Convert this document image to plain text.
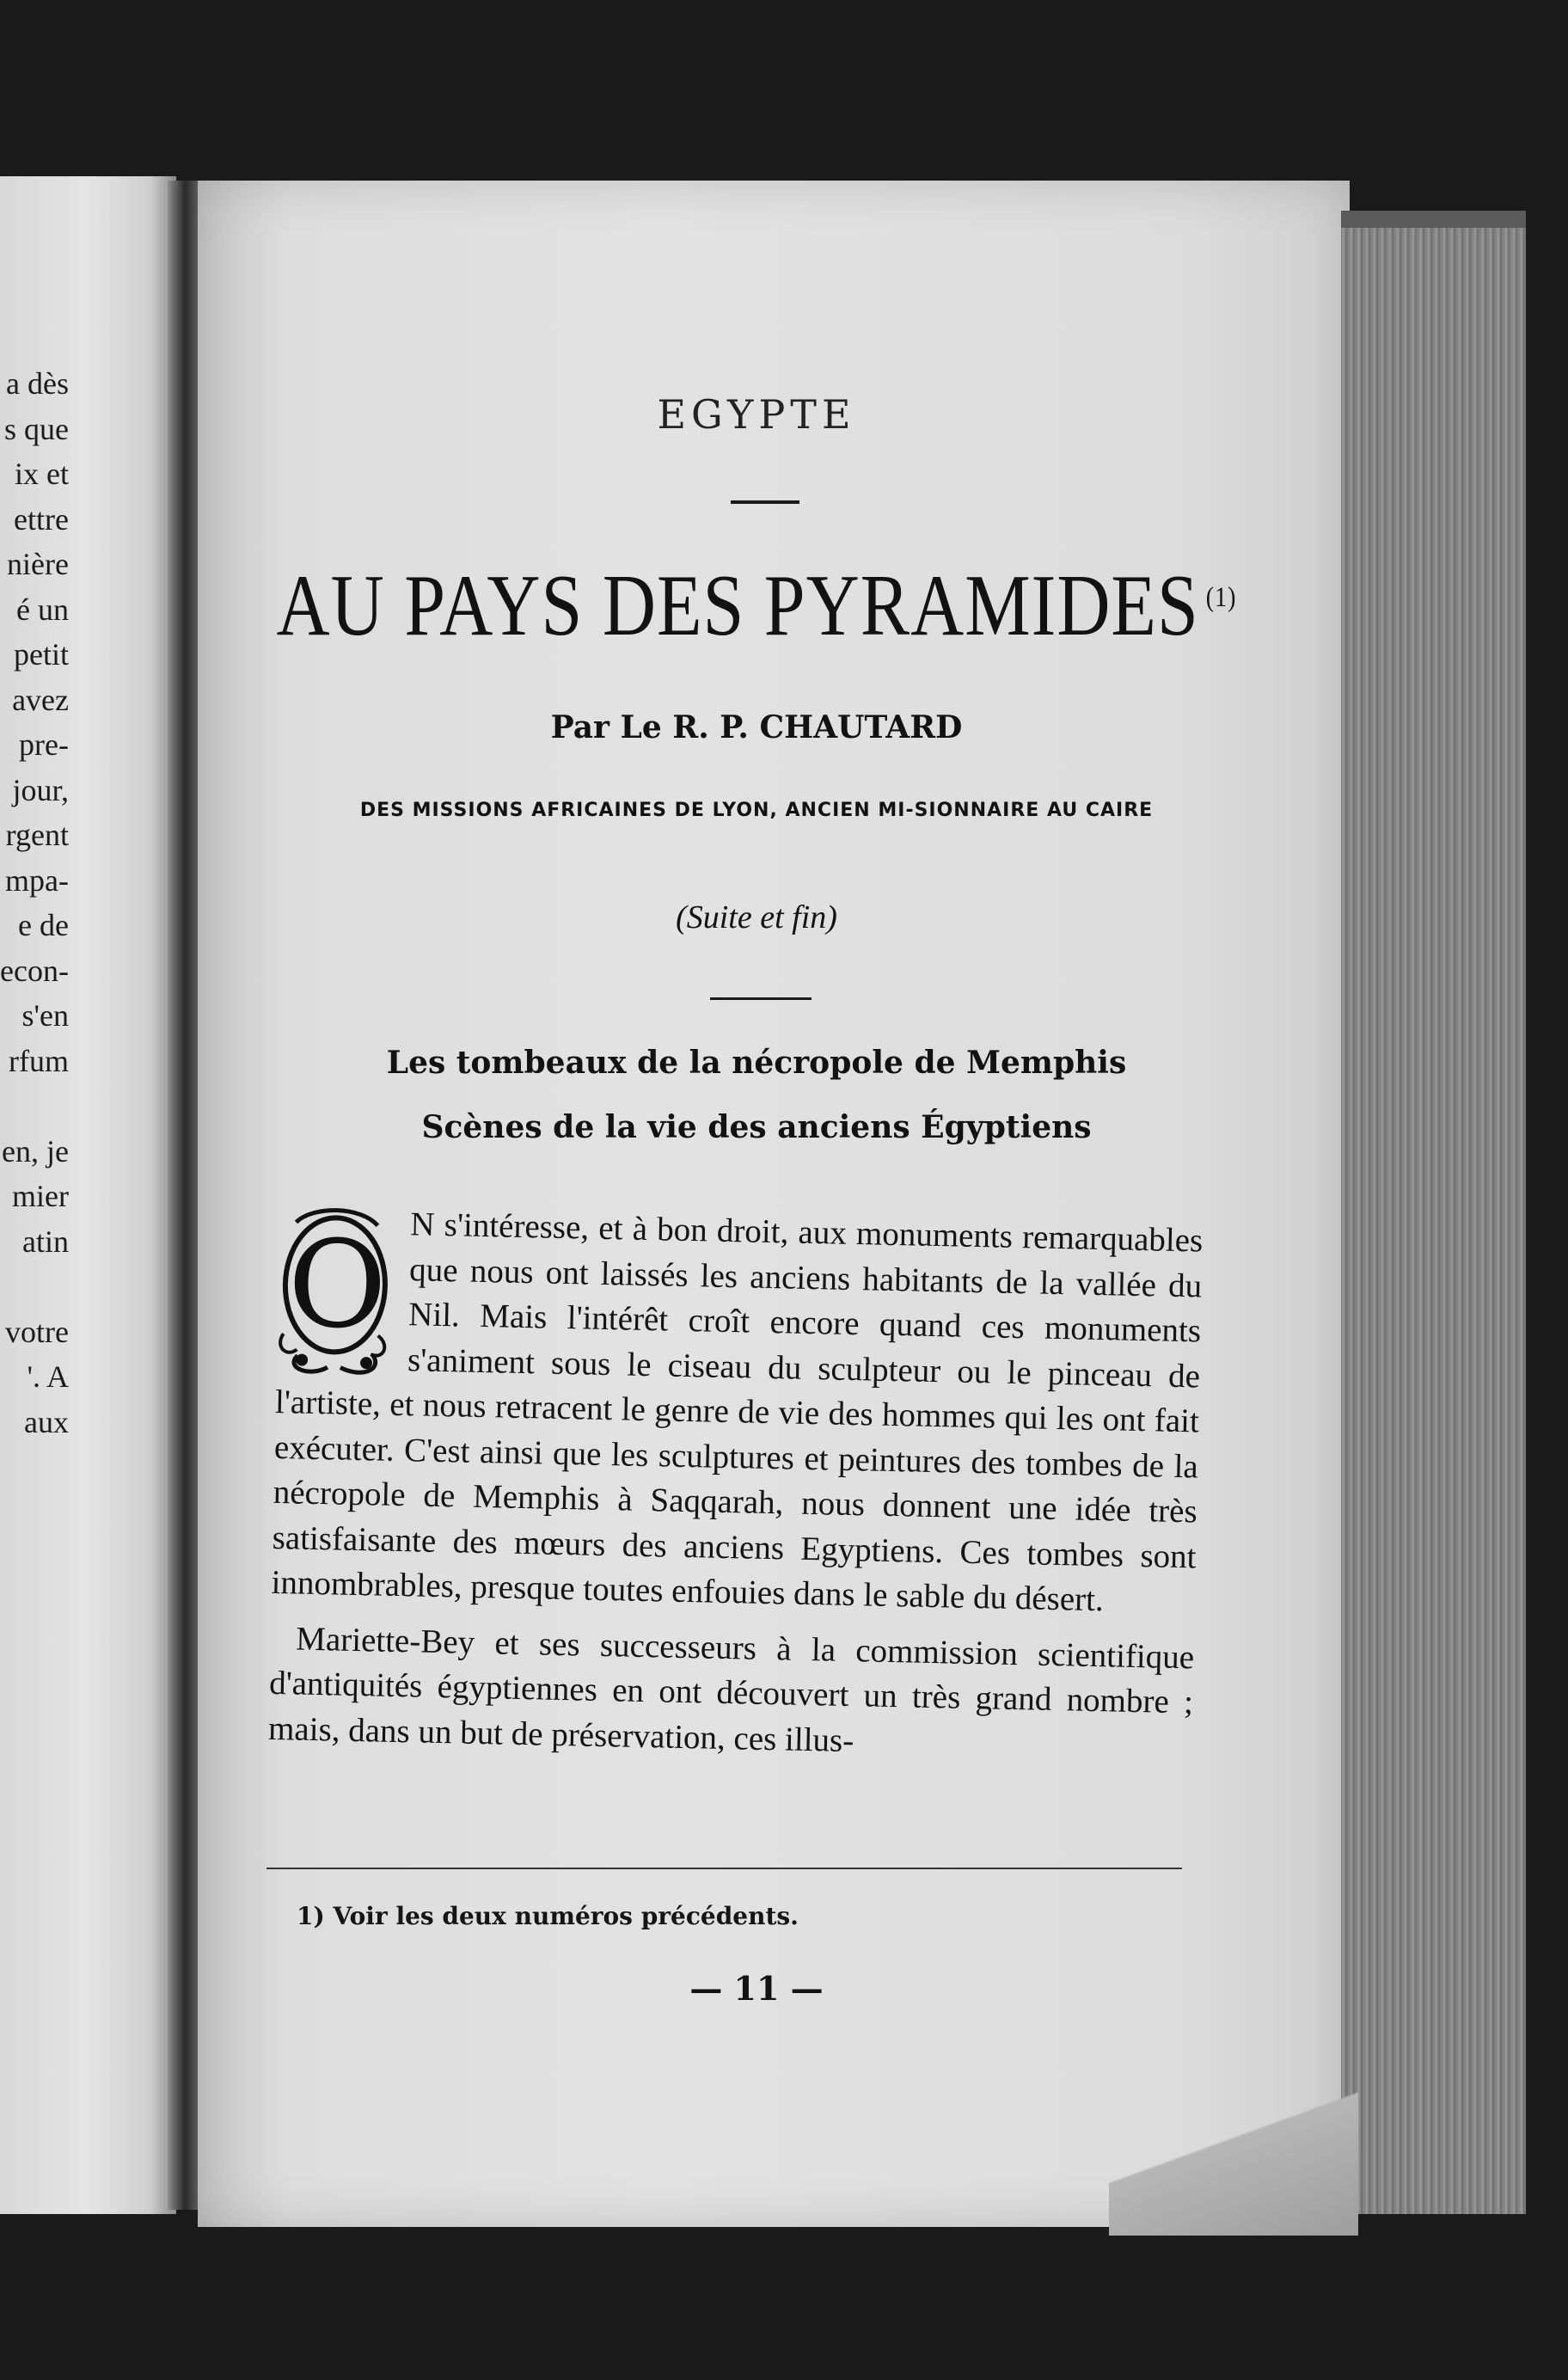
a dès
s que
ix et
ettre
nière
é un
petit
avez
pre-
jour,
rgent
mpa-
e de
econ-
s'en
rfum
en, je
mier
atin
votre
'. A
aux
EGYPTE
AU PAYS DES PYRAMIDES $^{(1)}$
Par Le R. P. CHAUTARD
DES MISSIONS AFRICAINES DE LYON, ANCIEN MI-SIONNAIRE AU CAIRE
(Suite et fin)
Les tombeaux de la nécropole de Memphis
Scènes de la vie des anciens Égyptiens

O N s'intéresse, et à bon droit, aux monuments remarquables que nous ont laissés les anciens habitants de la vallée du Nil. Mais l'intérêt croît encore quand ces monuments s'animent sous le ciseau du sculpteur ou le pinceau de l'artiste, et nous retracent le genre de vie des hommes qui les ont fait exécuter. C'est ainsi que les sculptures et peintures des tombes de la nécropole de Memphis à Saqqarah, nous donnent une idée très satisfaisante des mœurs des anciens Egyptiens. Ces tombes sont innombrables, presque toutes enfouies dans le sable du désert.

Mariette-Bey et ses successeurs à la commission scientifique d'antiquités égyptiennes en ont découvert un très grand nombre ; mais, dans un but de préservation, ces illus-

1) Voir les deux numéros précédents.
— 11 —
